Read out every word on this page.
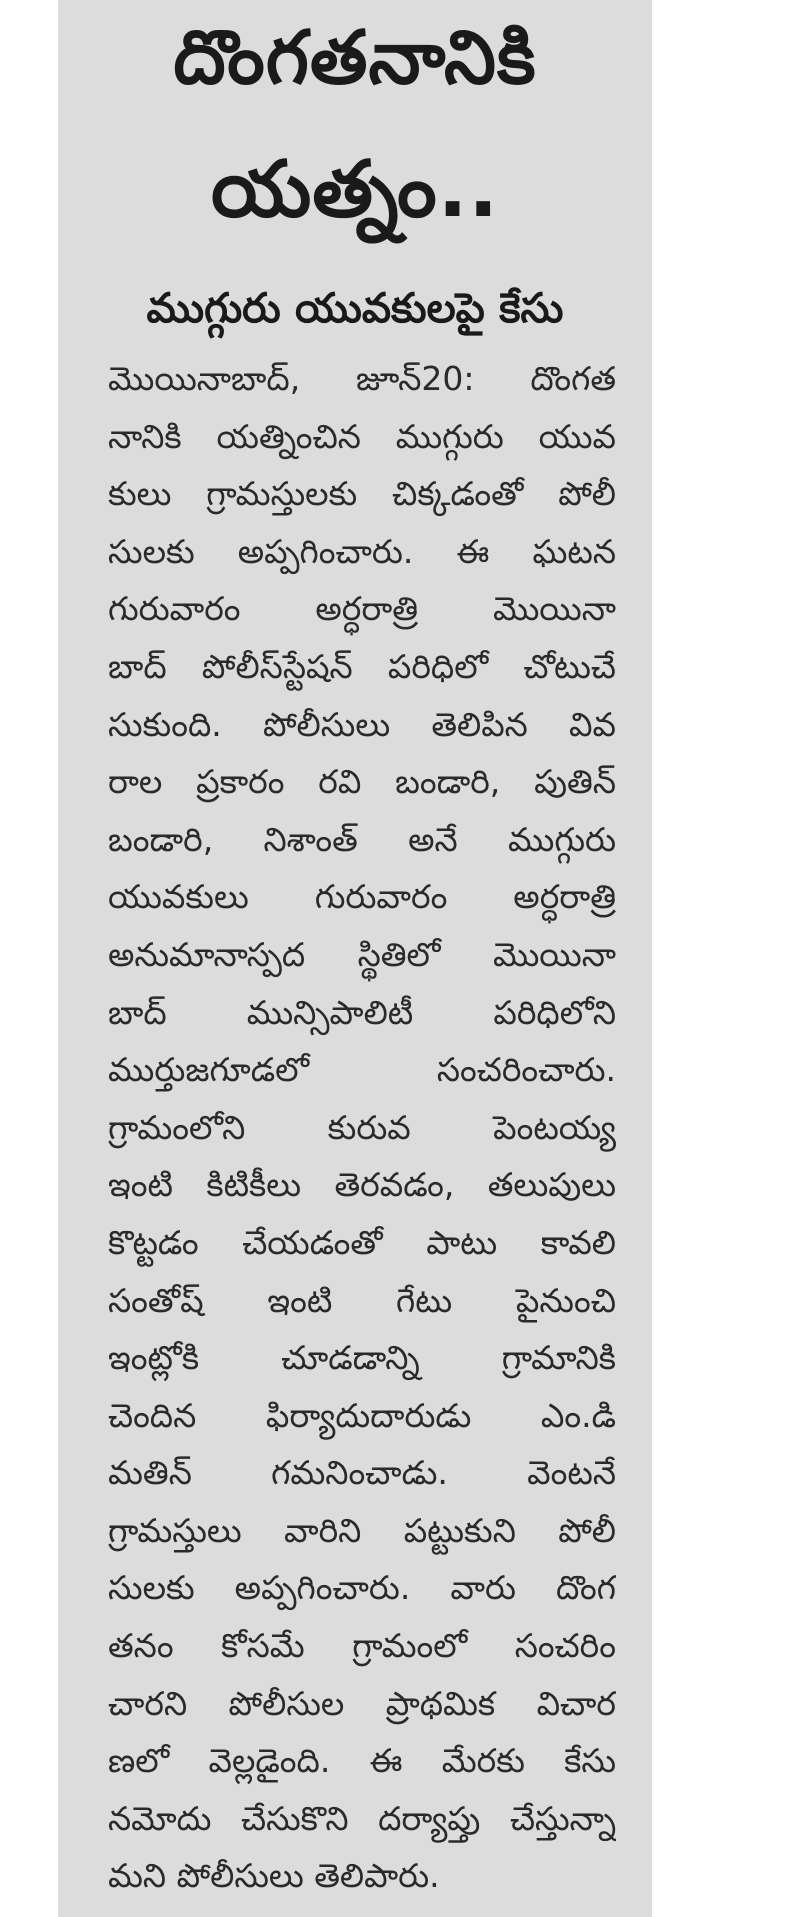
దొంగతనానికి
యత్నం..
ముగ్గురు యువకులపై కేసు
మొయినాబాద్, జూన్20: దొంగత
నానికి యత్నించిన ముగ్గురు యువ
కులు గ్రామస్తులకు చిక్కడంతో పోలీ
సులకు అప్పగించారు. ఈ ఘటన
గురువారం అర్ధరాత్రి మొయినా
బాద్ పోలీస్‌స్టేషన్ పరిధిలో చోటుచే
సుకుంది. పోలీసులు తెలిపిన వివ
రాల ప్రకారం రవి బండారి, పుతిన్
బండారి, నిశాంత్ అనే ముగ్గురు
యువకులు గురువారం అర్ధరాత్రి
అనుమానాస్పద స్థితిలో మొయినా
బాద్ మున్సిపాలిటీ పరిధిలోని
ముర్తుజగూడలో సంచరించారు.
గ్రామంలోని కురువ పెంటయ్య
ఇంటి కిటికీలు తెరవడం, తలుపులు
కొట్టడం చేయడంతో పాటు కావలి
సంతోష్ ఇంటి గేటు పైనుంచి
ఇంట్లోకి చూడడాన్ని గ్రామానికి
చెందిన ఫిర్యాదుదారుడు ఎం.డి
మతిన్ గమనించాడు. వెంటనే
గ్రామస్తులు వారిని పట్టుకుని పోలీ
సులకు అప్పగించారు. వారు దొంగ
తనం కోసమే గ్రామంలో సంచరిం
చారని పోలీసుల ప్రాథమిక విచార
ణలో వెల్లడైంది. ఈ మేరకు కేసు
నమోదు చేసుకొని దర్యాప్తు చేస్తున్నా
మని పోలీసులు తెలిపారు.
